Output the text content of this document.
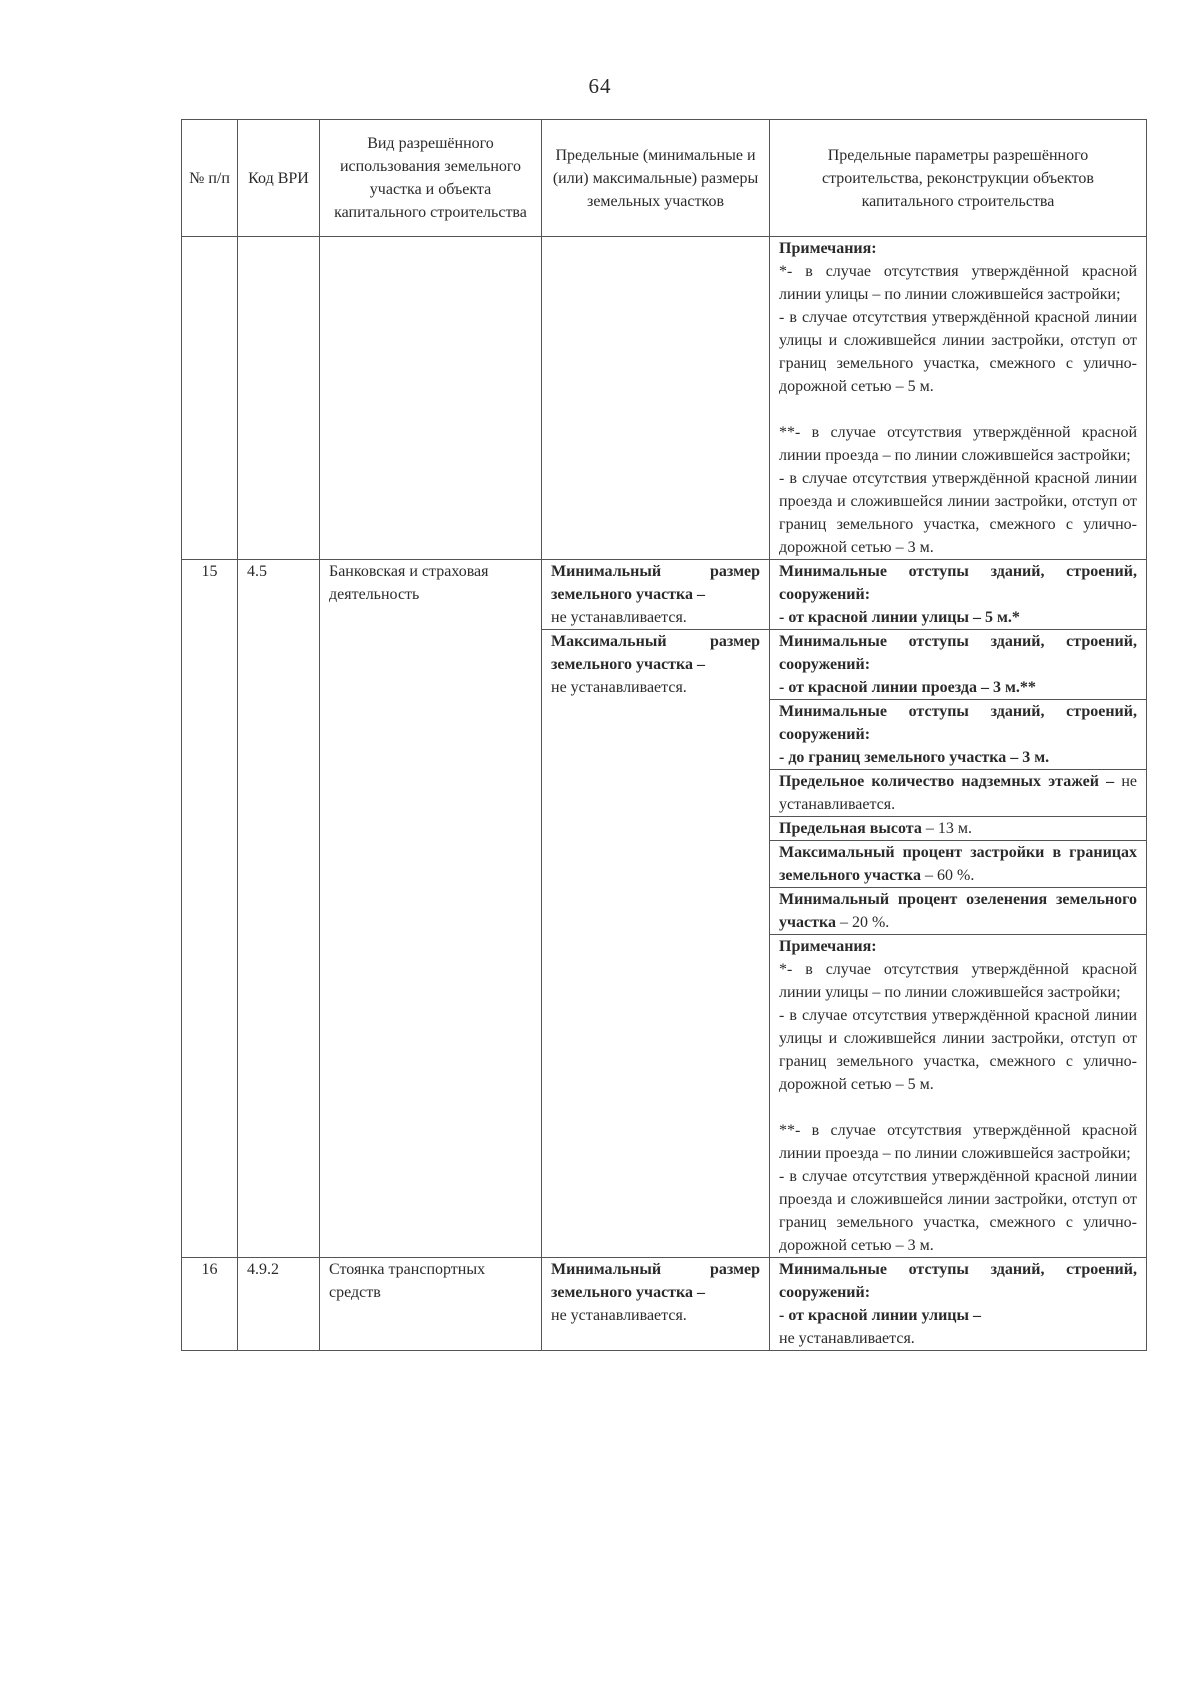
64
№ п/п	Код ВРИ	Вид разрешённого использования земельного участка и объекта капитального строительства	Предельные (минимальные и (или) максимальные) размеры земельных участков	Предельные параметры разрешённого строительства, реконструкции объектов капитального строительства

				Примечания:
*- в случае отсутствия утверждённой красной линии улицы – по линии сложившейся застройки;
- в случае отсутствия утверждённой красной линии улицы и сложившейся линии застройки, отступ от границ земельного участка, смежного с улично-дорожной сетью – 5 м.
**- в случае отсутствия утверждённой красной линии проезда – по линии сложившейся застройки;
- в случае отсутствия утверждённой красной линии проезда и сложившейся линии застройки, отступ от границ земельного участка, смежного с улично-дорожной сетью – 3 м.

15	4.5	Банковская и страховая деятельность	Минимальный размер земельного участка –
не устанавливается.	Минимальные отступы зданий, строений, сооружений:
- от красной линии улицы – 5 м.*

			Максимальный размер земельного участка –
не устанавливается.	Минимальные отступы зданий, строений, сооружений:
- от красной линии проезда – 3 м.**

				Минимальные отступы зданий, строений, сооружений:
- до границ земельного участка – 3 м.

				Предельное количество надземных этажей – не устанавливается.
				Предельная высота – 13 м.
				Максимальный процент застройки в границах земельного участка – 60 %.
				Минимальный процент озеленения земельного участка – 20 %.

				Примечания:
*- в случае отсутствия утверждённой красной линии улицы – по линии сложившейся застройки;
- в случае отсутствия утверждённой красной линии улицы и сложившейся линии застройки, отступ от границ земельного участка, смежного с улично-дорожной сетью – 5 м.
**- в случае отсутствия утверждённой красной линии проезда – по линии сложившейся застройки;
- в случае отсутствия утверждённой красной линии проезда и сложившейся линии застройки, отступ от границ земельного участка, смежного с улично-дорожной сетью – 3 м.

16	4.9.2	Стоянка транспортных средств	Минимальный размер земельного участка –
не устанавливается.	Минимальные отступы зданий, строений, сооружений:
- от красной линии улицы –
не устанавливается.
